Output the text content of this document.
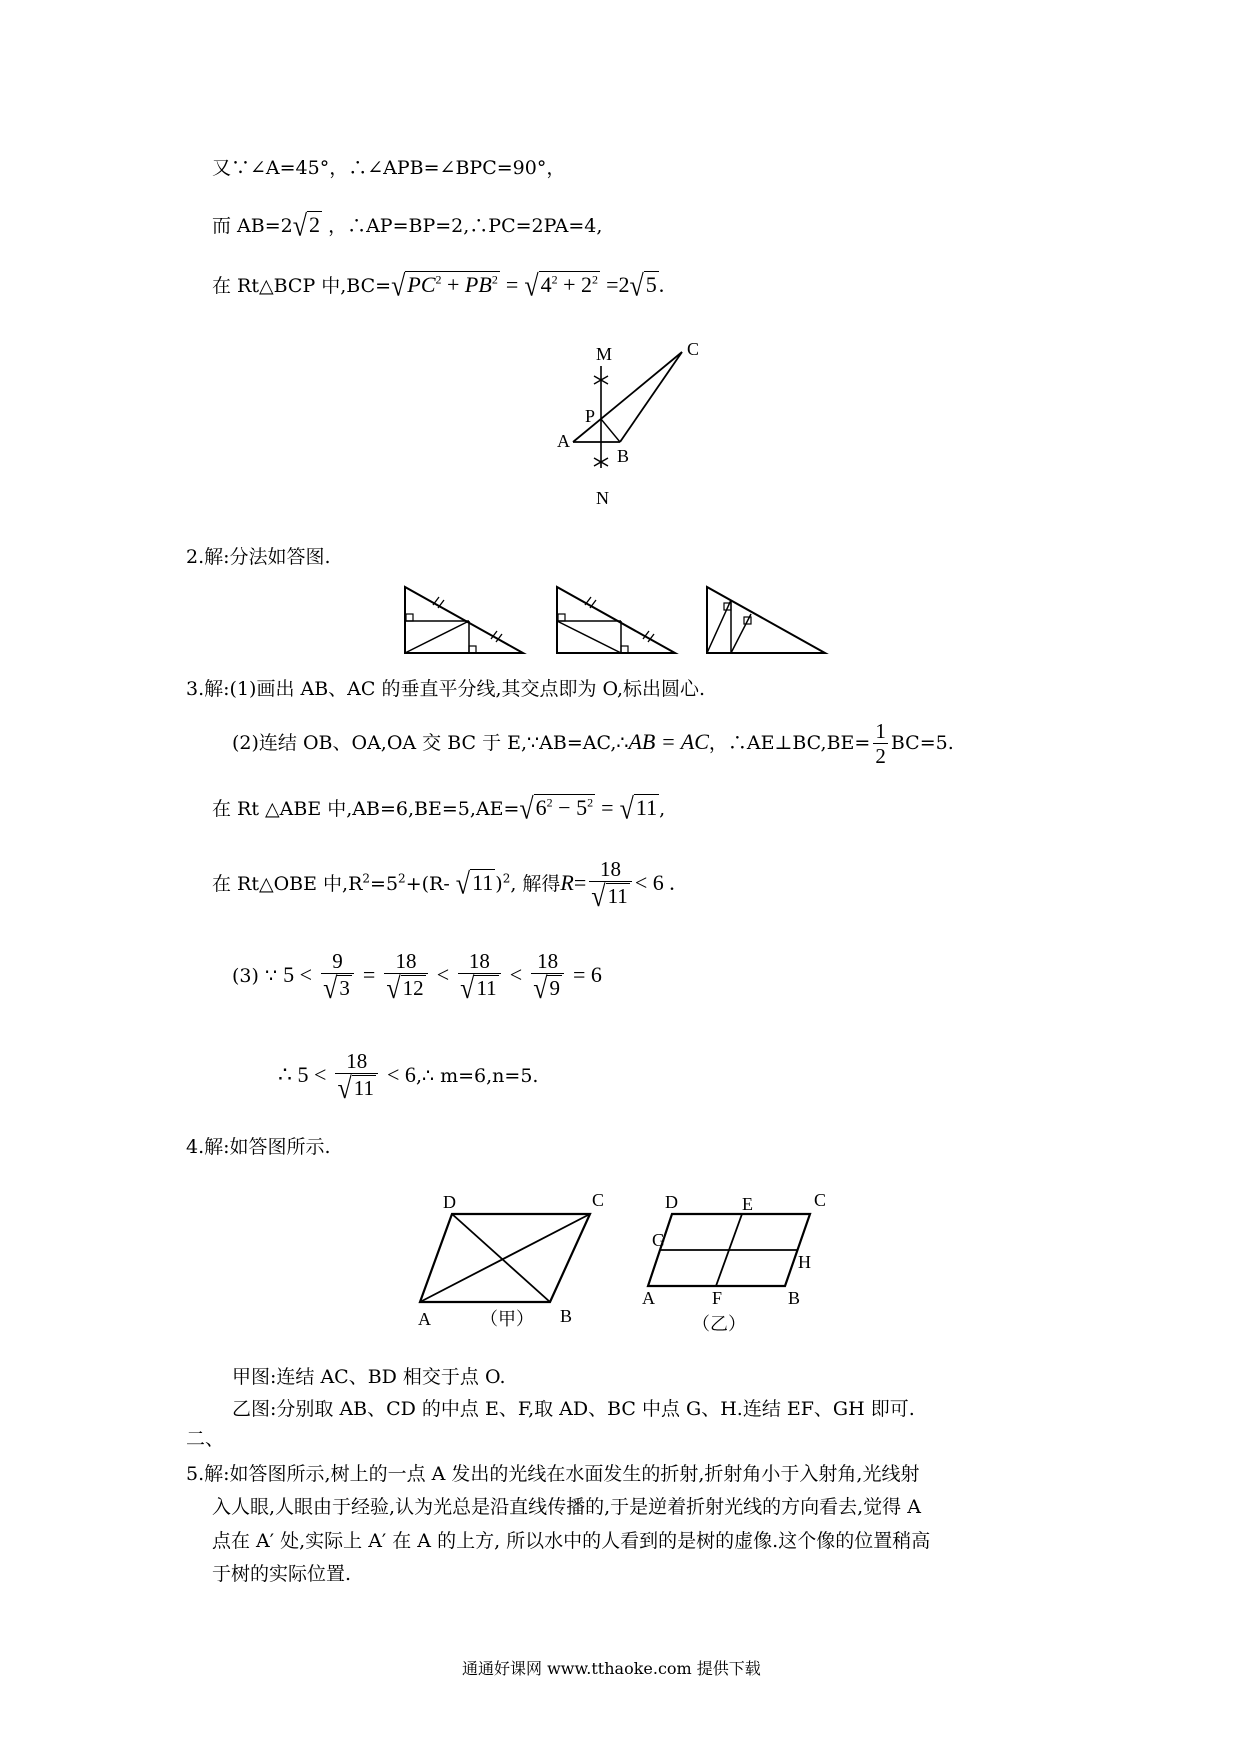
又∵∠A=45°，∴∠APB=∠BPC=90°，
而 AB=2√2 ，∴AP=BP=2,∴PC=2PA=4,
在 Rt△BCP 中$,BC=√PC^2 + PB^2 = √4^2 + 2^2 =2√5$.
M	C
P
A
B
N
2.解:分法如答图.
3.解:(1)画出 AB、AC 的垂直平分线,其交点即为 O,标出圆心.
(2)连结 OB、OA,OA 交 BC 于 E,∵AB=AC,∴AB = AC，∴AE⊥BC,BE= $\frac{1}{2} BC=5$.
在 Rt △ABE 中$,AB=6,BE=5,AE=√6^2 - 5^2 = √11$ ,
在 Rt△OBE 中$,R^2=5^2+(R-$ √11 )$^2$, 解得$R= \frac{18}{√11} < 6$ .
(3) ∵ $5 < \frac{9}{√3} = \frac{18}{√12} < \frac{18}{√11} < \frac{18}{√9} = 6$
∴ $5 < \frac{18}{√11}$ < 6,∴ m=6,n=5.
4.解:如答图所示.
D	C
A	B
（甲）
D	E	C
G
H
A	F	B
（乙）
甲图:连结 AC、BD 相交于点 O.
乙图:分别取 AB、CD 的中点 E、F,取 AD、BC 中点 G、H.连结 EF、GH 即可.
二、
5.解:如答图所示,树上的一点 A 发出的光线在水面发生的折射,折射角小于入射角,光线射
入人眼,人眼由于经验,认为光总是沿直线传播的,于是逆着折射光线的方向看去,觉得 A
点在 A′ 处,实际上 A′ 在 A 的上方, 所以水中的人看到的是树的虚像.这个像的位置稍高
于树的实际位置.
通通好课网 www.tthaoke.com 提供下载
